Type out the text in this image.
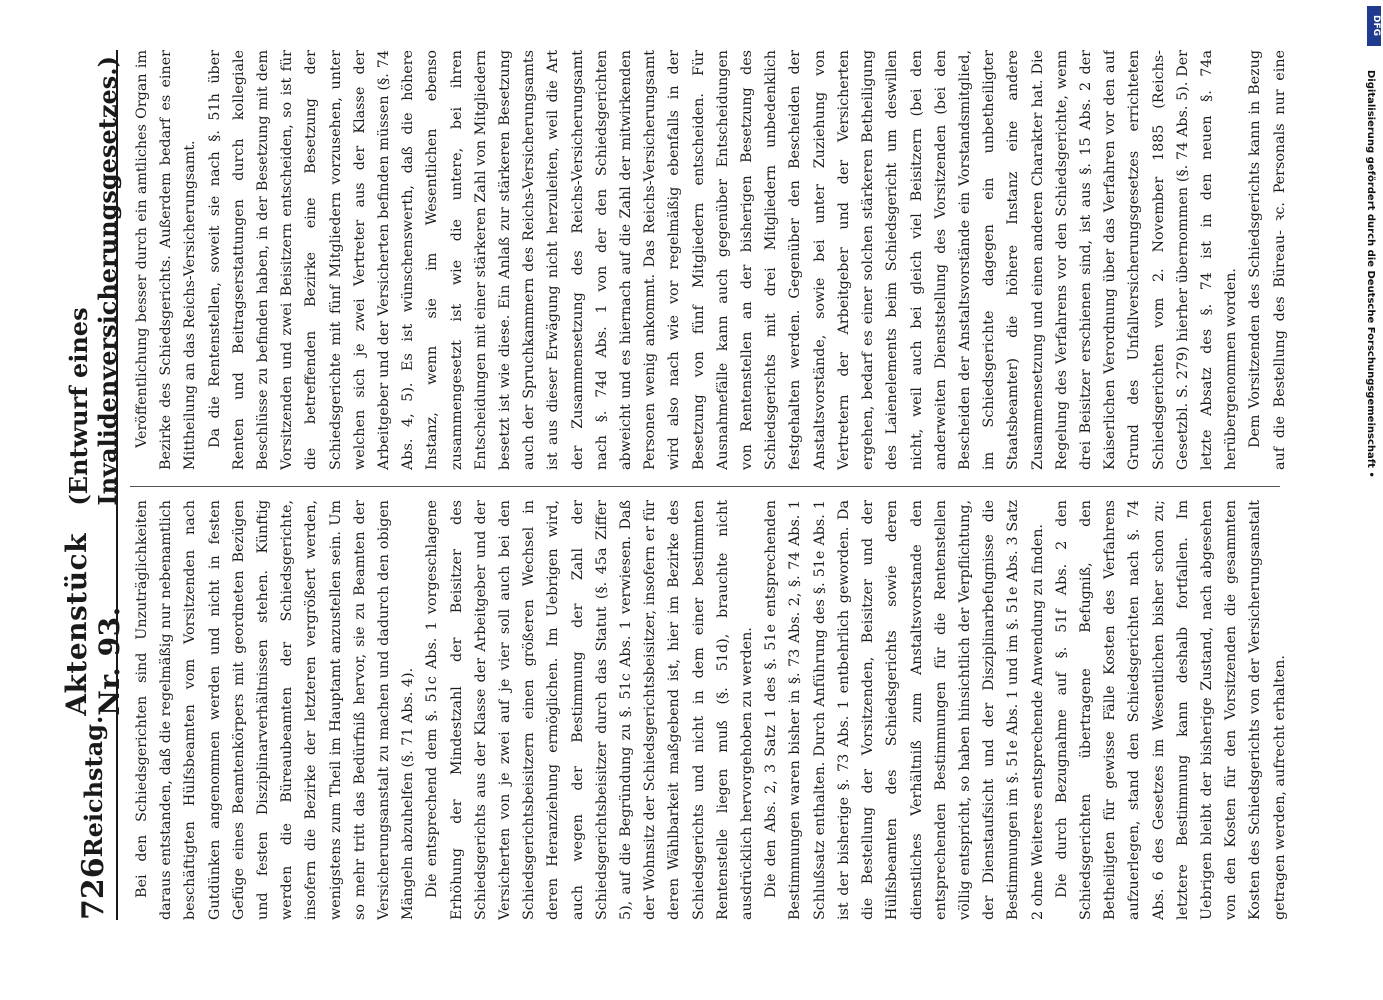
726
Reichstag.
Aktenstück Nr. 93.
(Entwurf eines Invalidenversicherungsgesetzes.)

Bei den Schiedsgerichten sind Unzuträglichkeiten daraus entstanden, daß die regelmäßig nur nebenamtlich beschäftigten Hülfsbeamten vom Vorsitzenden nach Gutdünken angenommen werden und nicht in festen Gefüge eines Beamtenkörpers mit geordneten Bezügen und festen Disziplinarverhältnissen stehen. Künftig werden die Büreaubeamten der Schiedsgerichte, insofern die Bezirke der letzteren vergrößert werden, wenigstens zum Theil im Hauptamt anzustellen sein. Um so mehr tritt das Bedürfniß hervor, sie zu Beamten der Versicherungsanstalt zu machen und dadurch den obigen Mängeln abzuhelfen (§. 71 Abs. 4). Die entsprechend dem §. 51c Abs. 1 vorgeschlagene Erhöhung der Mindestzahl der Beisitzer des Schiedsgerichts aus der Klasse der Arbeitgeber und der Versicherten von je zwei auf je vier soll auch bei den Schiedsgerichtsbeisitzern einen größeren Wechsel in deren Heranziehung ermöglichen. Im Uebrigen wird, auch wegen der Bestimmung der Zahl der Schiedsgerichtsbeisitzer durch das Statut (§. 45a Ziffer 5), auf die Begründung zu §. 51c Abs. 1 verwiesen. Daß der Wohnsitz der Schiedsgerichtsbeisitzer, insofern er für deren Wählbarkeit maßgebend ist, hier im Bezirke des Schiedsgerichts und nicht in dem einer bestimmten Rentenstelle liegen muß (§. 51d), brauchte nicht ausdrücklich hervorgehoben zu werden. Die den Abs. 2, 3 Satz 1 des §. 51e entsprechenden Bestimmungen waren bisher in §. 73 Abs. 2, §. 74 Abs. 1 Schlußsatz enthalten. Durch Anführung des §. 51e Abs. 1 ist der bisherige §. 73 Abs. 1 entbehrlich geworden. Da die Bestellung der Vorsitzenden, Beisitzer und der Hülfsbeamten des Schiedsgerichts sowie deren dienstliches Verhältniß zum Anstaltsvorstande den entsprechenden Bestimmungen für die Rentenstellen völlig entspricht, so haben hinsichtlich der Verpflichtung, der Dienstaufsicht und der Disziplinarbefugnisse die Bestimmungen im §. 51e Abs. 1 und im §. 51e Abs. 3 Satz 2 ohne Weiteres entsprechende Anwendung zu finden. Die durch Bezugnahme auf §. 51f Abs. 2 den Schiedsgerichten übertragene Befugniß, den Betheiligten für gewisse Fälle Kosten des Verfahrens aufzuerlegen, stand den Schiedsgerichten nach §. 74 Abs. 6 des Gesetzes im Wesentlichen bisher schon zu; letztere Bestimmung kann deshalb fortfallen. Im Uebrigen bleibt der bisherige Zustand, nach abgesehen von den Kosten für den Vorsitzenden die gesammten Kosten des Schiedsgerichts von der Versicherungsanstalt getragen werden, aufrecht erhalten.

Veröffentlichung besser durch ein amtliches Organ im Bezirke des Schiedsgerichts. Außerdem bedarf es einer Mittheilung an das Reichs-Versicherungsamt. Da die Rentenstellen, soweit sie nach §. 51h über Renten und Beitragserstattungen durch kollegiale Beschlüsse zu befinden haben, in der Besetzung mit dem Vorsitzenden und zwei Beisitzern entscheiden, so ist für die betreffenden Bezirke eine Besetzung der Schiedsgerichte mit fünf Mitgliedern vorzusehen, unter welchen sich je zwei Vertreter aus der Klasse der Arbeitgeber und der Versicherten befinden müssen (§. 74 Abs. 4, 5). Es ist wünschenswerth, daß die höhere Instanz, wenn sie im Wesentlichen ebenso zusammengesetzt ist wie die untere, bei ihren Entscheidungen mit einer stärkeren Zahl von Mitgliedern besetzt ist wie diese. Ein Anlaß zur stärkeren Besetzung auch der Spruchkammern des Reichs-Versicherungsamts ist aus dieser Erwägung nicht herzuleiten, weil die Art der Zusammensetzung des Reichs-Versicherungsamt nach §. 74d Abs. 1 von der den Schiedsgerichten abweicht und es hiernach auf die Zahl der mitwirkenden Personen wenig ankommt. Das Reichs-Versicherungsamt wird also nach wie vor regelmäßig ebenfalls in der Besetzung von fünf Mitgliedern entscheiden. Für Ausnahmefälle kann auch gegenüber Entscheidungen von Rentenstellen an der bisherigen Besetzung des Schiedsgerichts mit drei Mitgliedern unbedenklich festgehalten werden. Gegenüber den Bescheiden der Anstaltsvorstände, sowie bei unter Zuziehung von Vertretern der Arbeitgeber und der Versicherten ergehen, bedarf es einer solchen stärkeren Betheiligung des Laienelements beim Schiedsgericht um deswillen nicht, weil auch bei gleich viel Beisitzern (bei den anderweiten Dienststellung des Vorsitzenden (bei den Bescheiden der Anstaltsvorstände ein Vorstandsmitglied, im Schiedsgerichte dagegen ein unbetheiligter Staatsbeamter) die höhere Instanz eine andere Zusammensetzung und einen anderen Charakter hat. Die Regelung des Verfahrens vor den Schiedsgerichte, wenn drei Beisitzer erschienen sind, ist aus §. 15 Abs. 2 der Kaiserlichen Verordnung über das Verfahren vor den auf Grund des Unfallversicherungsgesetzes errichteten Schiedsgerichten vom 2. November 1885 (Reichs-Gesetzbl. S. 279) hierher übernommen (§. 74 Abs. 5). Der letzte Absatz des §. 74 ist in den neuen §. 74a herübergenommen worden. Dem Vorsitzenden des Schiedsgerichts kann in Bezug auf die Bestellung des Büreau- ꝛc. Personals nur eine

DFG
Digitalisierung gefördert durch die Deutsche Forschungsgemeinschaft •
